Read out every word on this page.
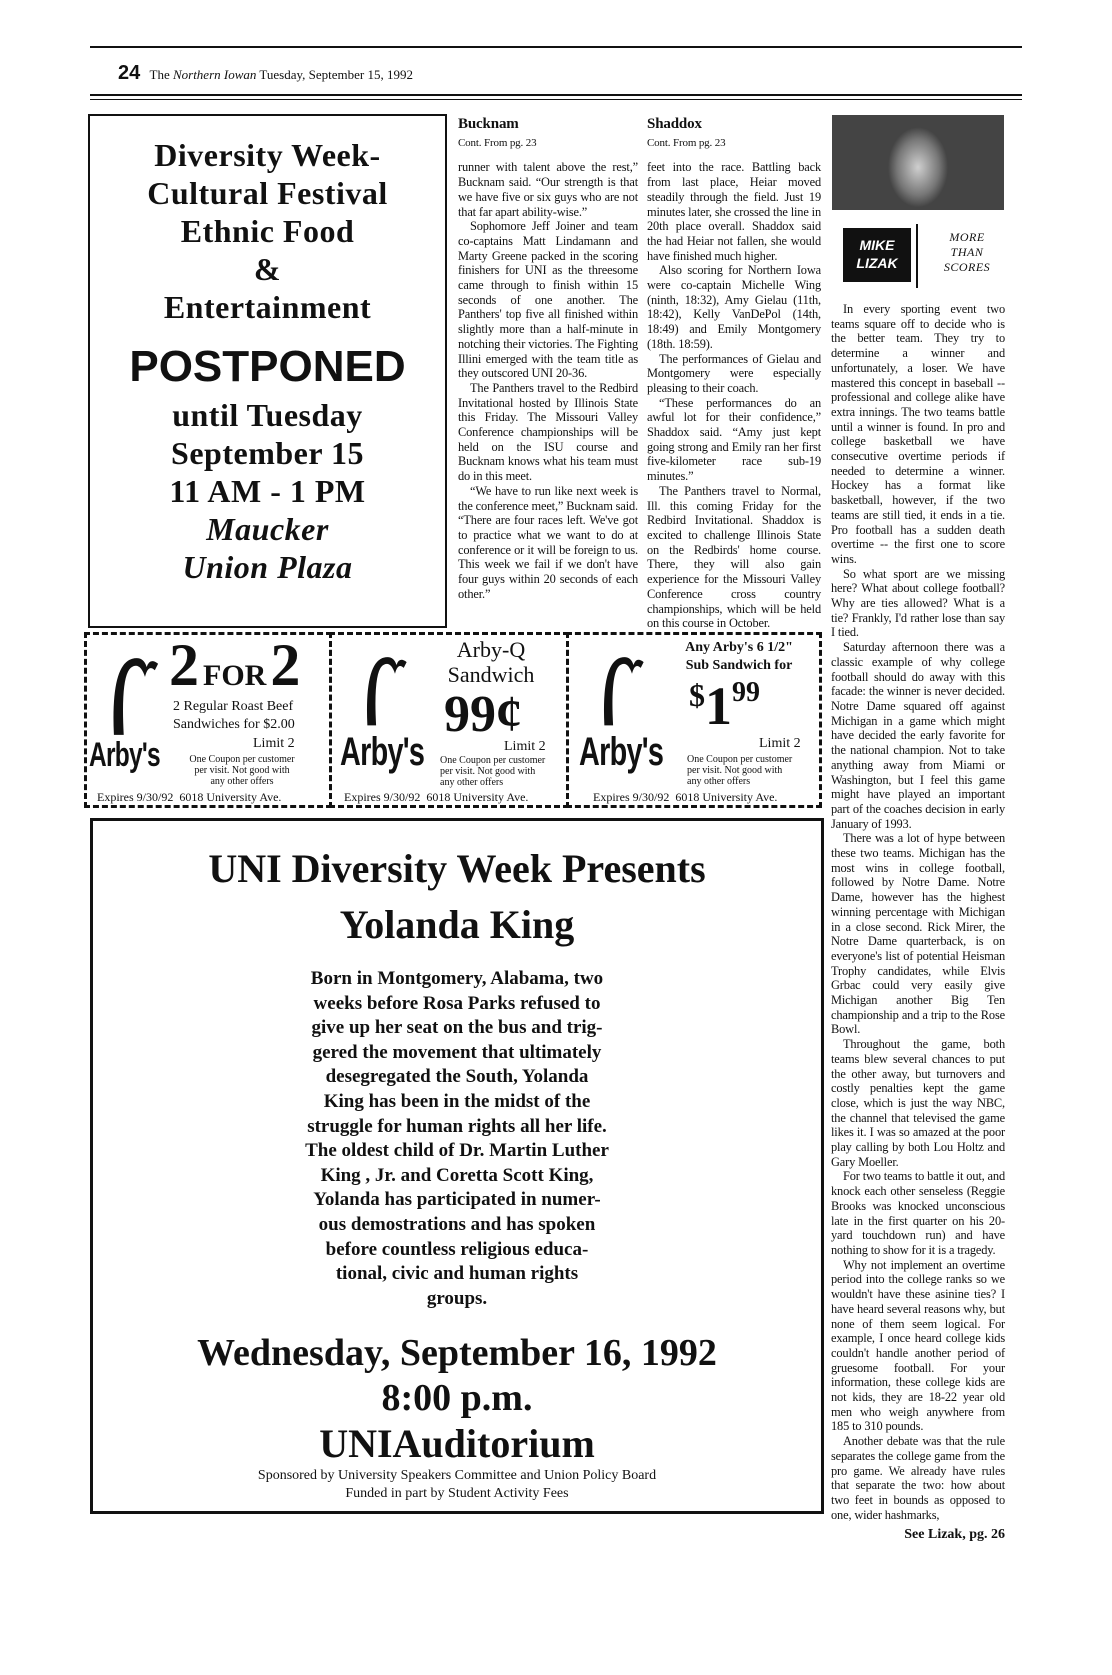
24 The Northern Iowan Tuesday, September 15, 1992
Diversity Week-
Cultural Festival
Ethnic Food
&
Entertainment
POSTPONED
until Tuesday
September 15
11 AM - 1 PM
Maucker
Union Plaza
Bucknam
Cont. From pg. 23

runner with talent above the rest,” Bucknam said. “Our strength is that we have five or six guys who are not that far apart ability-wise.”

Sophomore Jeff Joiner and team co-captains Matt Lindamann and Marty Greene packed in the scoring finishers for UNI as the threesome came through to finish within 15 seconds of one another. The Panthers' top five all finished within slightly more than a half-minute in notching their victories. The Fighting Illini emerged with the team title as they outscored UNI 20-36.

The Panthers travel to the Redbird Invitational hosted by Illinois State this Friday. The Missouri Valley Conference championships will be held on the ISU course and Bucknam knows what his team must do in this meet.

“We have to run like next week is the conference meet,” Bucknam said. “There are four races left. We've got to practice what we want to do at conference or it will be foreign to us. This week we fail if we don't have four guys within 20 seconds of each other.”

Shaddox
Cont. From pg. 23

feet into the race. Battling back from last place, Heiar moved steadily through the field. Just 19 minutes later, she crossed the line in 20th place overall. Shaddox said the had Heiar not fallen, she would have finished much higher.

Also scoring for Northern Iowa were co-captain Michelle Wing (ninth, 18:32), Amy Gielau (11th, 18:42), Kelly VanDePol (14th, 18:49) and Emily Montgomery (18th. 18:59).

The performances of Gielau and Montgomery were especially pleasing to their coach.

“These performances do an awful lot for their confidence,” Shaddox said. “Amy just kept going strong and Emily ran her first five-kilometer race sub-19 minutes.”

The Panthers travel to Normal, Ill. this coming Friday for the Redbird Invitational. Shaddox is excited to challenge Illinois State on the Redbirds' home course. There, they will also gain experience for the Missouri Valley Conference cross country championships, which will be held on this course in October.

MIKE
LIZAK
MORE
THAN
SCORES

In every sporting event two teams square off to decide who is the better team. They try to determine a winner and unfortunately, a loser. We have mastered this concept in baseball -- professional and college alike have extra innings. The two teams battle until a winner is found. In pro and college basketball we have consecutive overtime periods if needed to determine a winner. Hockey has a format like basketball, however, if the two teams are still tied, it ends in a tie. Pro football has a sudden death overtime -- the first one to score wins.

So what sport are we missing here? What about college football? Why are ties allowed? What is a tie? Frankly, I'd rather lose than say I tied.

Saturday afternoon there was a classic example of why college football should do away with this facade: the winner is never decided. Notre Dame squared off against Michigan in a game which might have decided the early favorite for the national champion. Not to take anything away from Miami or Washington, but I feel this game might have played an important part of the coaches decision in early January of 1993.

There was a lot of hype between these two teams. Michigan has the most wins in college football, followed by Notre Dame. Notre Dame, however has the highest winning percentage with Michigan in a close second. Rick Mirer, the Notre Dame quarterback, is on everyone's list of potential Heisman Trophy candidates, while Elvis Grbac could very easily give Michigan another Big Ten championship and a trip to the Rose Bowl.

Throughout the game, both teams blew several chances to put the other away, but turnovers and costly penalties kept the game close, which is just the way NBC, the channel that televised the game likes it. I was so amazed at the poor play calling by both Lou Holtz and Gary Moeller.

For two teams to battle it out, and knock each other senseless (Reggie Brooks was knocked unconscious late in the first quarter on his 20-yard touchdown run) and have nothing to show for it is a tragedy.

Why not implement an overtime period into the college ranks so we wouldn't have these asinine ties? I have heard several reasons why, but none of them seem logical. For example, I once heard college kids couldn't handle another period of gruesome football. For your information, these college kids are not kids, they are 18-22 year old men who weigh anywhere from 185 to 310 pounds.

Another debate was that the rule separates the college game from the pro game. We already have rules that separate the two: how about two feet in bounds as opposed to one, wider hashmarks,

See Lizak, pg. 26
Arby's
2 FOR 2
2 Regular Roast Beef
Sandwiches for $2.00
Limit 2
One Coupon per customer
per visit. Not good with
any other offers
Expires 9/30/92 6018 University Ave.
Arby's
Arby-Q
Sandwich
99¢
Limit 2
One Coupon per customer
per visit. Not good with
any other offers
Expires 9/30/92 6018 University Ave.
Arby's
Any Arby's 6 1/2"
Sub Sandwich for
$199
Limit 2
One Coupon per customer
per visit. Not good with
any other offers
Expires 9/30/92 6018 University Ave.
UNI Diversity Week Presents
Yolanda King
Born in Montgomery, Alabama, two
weeks before Rosa Parks refused to
give up her seat on the bus and trig-
gered the movement that ultimately
desegregated the South, Yolanda
King has been in the midst of the
struggle for human rights all her life.
The oldest child of Dr. Martin Luther
King , Jr. and Coretta Scott King,
Yolanda has participated in numer-
ous demostrations and has spoken
before countless religious educa-
tional, civic and human rights
groups.
Wednesday, September 16, 1992
8:00 p.m.
UNIAuditorium
Sponsored by University Speakers Committee and Union Policy Board
Funded in part by Student Activity Fees
